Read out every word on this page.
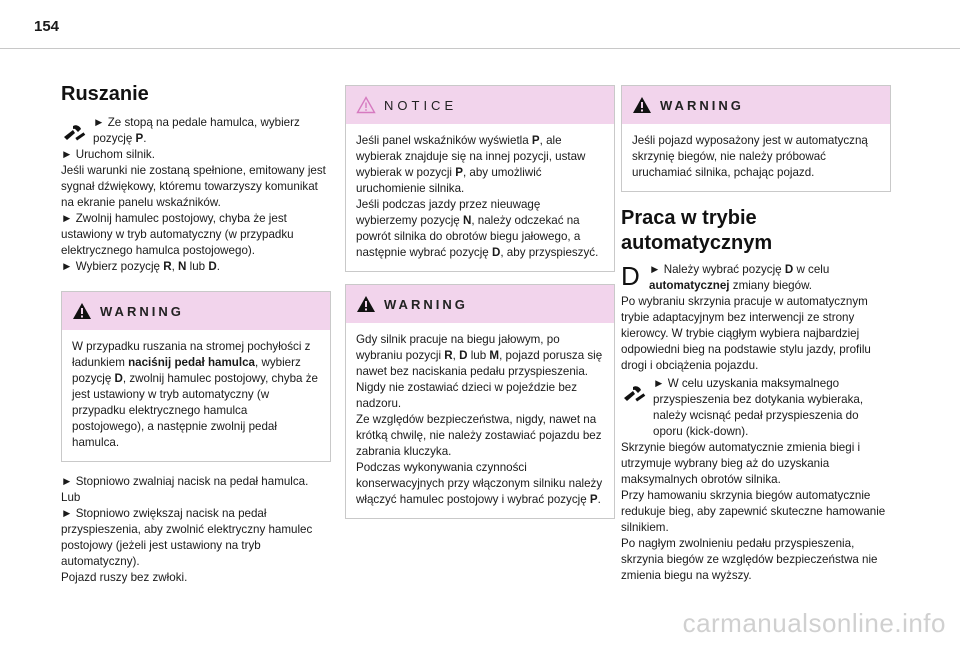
154
Ruszanie

► Ze stopą na pedale hamulca, wybierz pozycję P.

► Uruchom silnik.

Jeśli warunki nie zostaną spełnione, emitowany jest sygnał dźwiękowy, któremu towarzyszy komunikat na ekranie panelu wskaźników.

► Zwolnij hamulec postojowy, chyba że jest ustawiony w tryb automatyczny (w przypadku elektrycznego hamulca postojowego).

► Wybierz pozycję R, N lub D.

WARNING

W przypadku ruszania na stromej pochyłości z ładunkiem naciśnij pedał hamulca, wybierz pozycję D, zwolnij hamulec postojowy, chyba że jest ustawiony w tryb automatyczny (w przypadku elektrycznego hamulca postojowego), a następnie zwolnij pedał hamulca.

► Stopniowo zwalniaj nacisk na pedał hamulca.

Lub

► Stopniowo zwiększaj nacisk na pedał przyspieszenia, aby zwolnić elektryczny hamulec postojowy (jeżeli jest ustawiony na tryb automatyczny).

Pojazd ruszy bez zwłoki.

NOTICE

Jeśli panel wskaźników wyświetla P, ale wybierak znajduje się na innej pozycji, ustaw wybierak w pozycji P, aby umożliwić uruchomienie silnika.

Jeśli podczas jazdy przez nieuwagę wybierzemy pozycję N, należy odczekać na powrót silnika do obrotów biegu jałowego, a następnie wybrać pozycję D, aby przyspieszyć.

WARNING

Gdy silnik pracuje na biegu jałowym, po wybraniu pozycji R, D lub M, pojazd porusza się nawet bez naciskania pedału przyspieszenia.

Nigdy nie zostawiać dzieci w pojeździe bez nadzoru.

Ze względów bezpieczeństwa, nigdy, nawet na krótką chwilę, nie należy zostawiać pojazdu bez zabrania kluczyka.

Podczas wykonywania czynności konserwacyjnych przy włączonym silniku należy włączyć hamulec postojowy i wybrać pozycję P.

WARNING

Jeśli pojazd wyposażony jest w automatyczną skrzynię biegów, nie należy próbować uruchamiać silnika, pchając pojazd.

Praca w trybie
automatycznym
D ► Należy wybrać pozycję D w celu automatycznej zmiany biegów.

Po wybraniu skrzynia pracuje w automatycznym trybie adaptacyjnym bez interwencji ze strony kierowcy. W trybie ciągłym wybiera najbardziej odpowiedni bieg na podstawie stylu jazdy, profilu drogi i obciążenia pojazdu.

► W celu uzyskania maksymalnego przyspieszenia bez dotykania wybieraka, należy wcisnąć pedał przyspieszenia do oporu (kick-down).

Skrzynie biegów automatycznie zmienia biegi i utrzymuje wybrany bieg aż do uzyskania maksymalnych obrotów silnika.

Przy hamowaniu skrzynia biegów automatycznie redukuje bieg, aby zapewnić skuteczne hamowanie silnikiem.

Po nagłym zwolnieniu pedału przyspieszenia, skrzynia biegów ze względów bezpieczeństwa nie zmienia biegu na wyższy.

carmanualsonline.info
